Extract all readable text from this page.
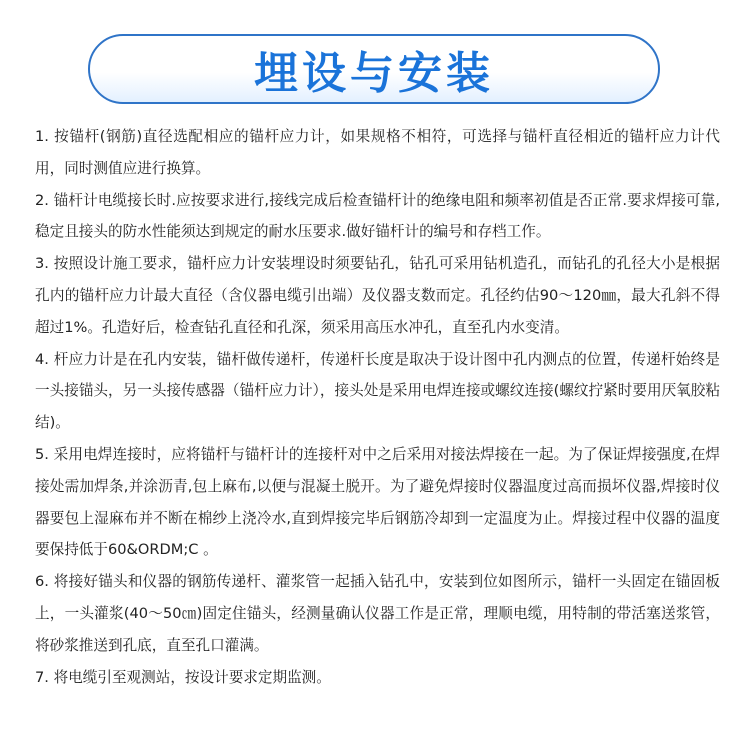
埋设与安装

1. 按锚杆(钢筋)直径选配相应的锚杆应力计，如果规格不相符，可选择与锚杆直径相近的锚杆应力计代用，同时测值应进行换算。

2. 锚杆计电缆接长时.应按要求进行,接线完成后检查锚杆计的绝缘电阻和频率初值是否正常.要求焊接可靠,稳定且接头的防水性能须达到规定的耐水压要求.做好锚杆计的编号和存档工作。

3. 按照设计施工要求，锚杆应力计安装埋设时须要钻孔，钻孔可采用钻机造孔，而钻孔的孔径大小是根据孔内的锚杆应力计最大直径（含仪器电缆引出端）及仪器支数而定。孔径约估90～120㎜，最大孔斜不得超过1%。孔造好后，检查钻孔直径和孔深，须采用高压水冲孔，直至孔内水变清。

4. 杆应力计是在孔内安装，锚杆做传递杆，传递杆长度是取决于设计图中孔内测点的位置，传递杆始终是一头接锚头，另一头接传感器（锚杆应力计），接头处是采用电焊连接或螺纹连接(螺纹拧紧时要用厌氧胶粘结)。

5. 采用电焊连接时，应将锚杆与锚杆计的连接杆对中之后采用对接法焊接在一起。为了保证焊接强度,在焊接处需加焊条,并涂沥青,包上麻布,以便与混凝土脱开。为了避免焊接时仪器温度过高而损坏仪器,焊接时仪器要包上湿麻布并不断在棉纱上浇冷水,直到焊接完毕后钢筋冷却到一定温度为止。焊接过程中仪器的温度要保持低于60&ORDM;C 。

6. 将接好锚头和仪器的钢筋传递杆、灌浆管一起插入钻孔中，安装到位如图所示，锚杆一头固定在锚固板上，一头灌浆(40～50㎝)固定住锚头，经测量确认仪器工作是正常，理顺电缆，用特制的带活塞送浆管，将砂浆推送到孔底，直至孔口灌满。

7. 将电缆引至观测站，按设计要求定期监测。
